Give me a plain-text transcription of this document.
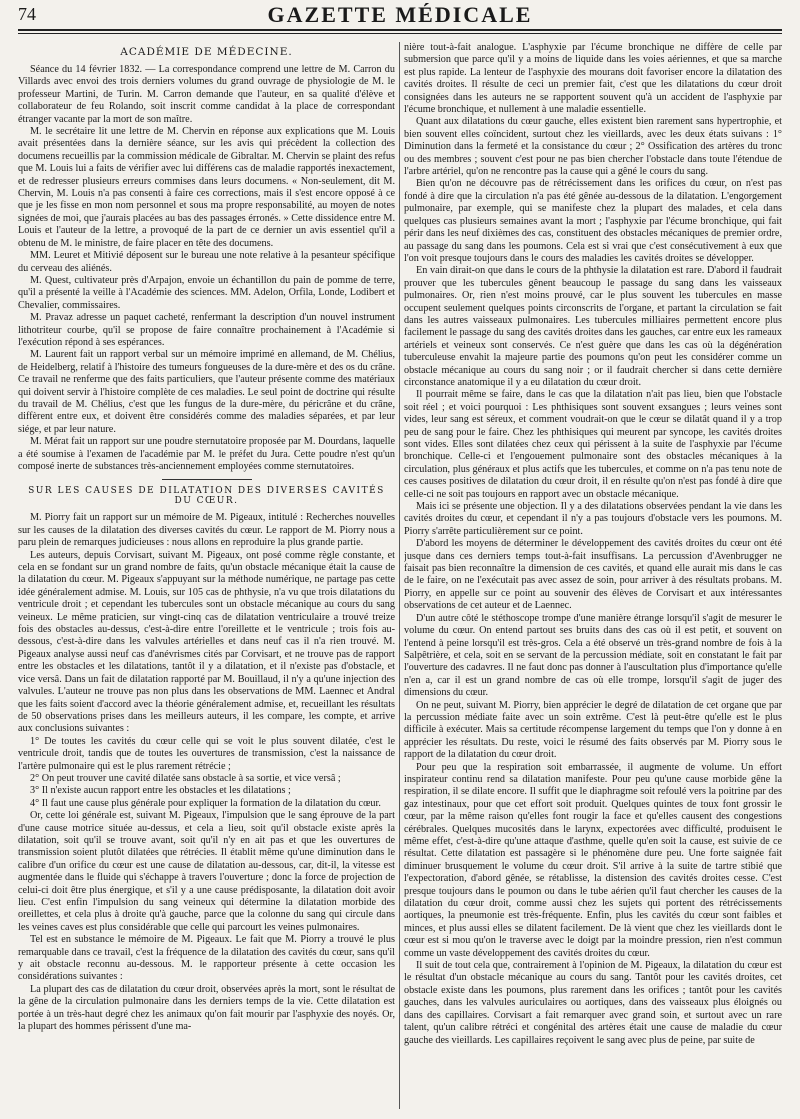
74	GAZETTE MÉDICALE
ACADÉMIE DE MÉDECINE.

Séance du 14 février 1832. — La correspondance comprend une lettre de M. Carron du Villards avec envoi des trois derniers volumes du grand ouvrage de physiologie de M. le professeur Martini, de Turin. M. Carron demande que l'auteur, en sa qualité d'élève et collaborateur de feu Rolando, soit inscrit comme candidat à la place de correspondant étranger vacante par la mort de son maître.

M. le secrétaire lit une lettre de M. Chervin en réponse aux explications que M. Louis avait présentées dans la dernière séance, sur les avis qui précèdent la collection des documens recueillis par la commission médicale de Gibraltar. M. Chervin se plaint des refus que M. Louis lui a faits de vérifier avec lui différens cas de maladie rapportés inexactement, et de redresser plusieurs erreurs commises dans leurs documens. « Non-seulement, dit M. Chervin, M. Louis n'a pas consenti à faire ces corrections, mais il s'est encore opposé à ce que je les fisse en mon nom personnel et sous ma propre responsabilité, au moyen de notes signées de moi, que j'aurais placées au bas des passages érronés. » Cette dissidence entre M. Louis et l'auteur de la lettre, a provoqué de la part de ce dernier un avis essentiel qu'il a obtenu de M. le ministre, de faire placer en tête des documens.

MM. Leuret et Mitivié déposent sur le bureau une note relative à la pesanteur spécifique du cerveau des aliénés.

M. Quest, cultivateur près d'Arpajon, envoie un échantillon du pain de pomme de terre, qu'il a présenté la veille à l'Académie des sciences. MM. Adelon, Orfila, Londe, Lodibert et Chevalier, commissaires.

M. Pravaz adresse un paquet cacheté, renfermant la description d'un nouvel instrument lithotriteur courbe, qu'il se propose de faire connaître prochainement à l'Académie si l'exécution répond à ses espérances.

M. Laurent fait un rapport verbal sur un mémoire imprimé en allemand, de M. Chélius, de Heidelberg, relatif à l'histoire des tumeurs fongueuses de la dure-mère et des os du crâne. Ce travail ne renferme que des faits particuliers, que l'auteur présente comme des matériaux qui doivent servir à l'histoire complète de ces maladies. Le seul point de doctrine qui résulte du travail de M. Chélius, c'est que les fungus de la dure-mère, du péricrâne et du crâne, diffèrent entre eux, et doivent être considérés comme des maladies séparées, et par leur siége, et par leur nature.

M. Mérat fait un rapport sur une poudre sternutatoire proposée par M. Dourdans, laquelle a été soumise à l'examen de l'académie par M. le préfet du Jura. Cette poudre n'est qu'un composé inerte de substances très-anciennement employées comme sternutatoires.

SUR LES CAUSES DE DILATATION DES DIVERSES CAVITÉS DU CŒUR.

M. Piorry fait un rapport sur un mémoire de M. Pigeaux, intitulé : Recherches nouvelles sur les causes de la dilatation des diverses cavités du cœur. Le rapport de M. Piorry nous a paru plein de remarques judicieuses : nous allons en reproduire la plus grande partie.

Les auteurs, depuis Corvisart, suivant M. Pigeaux, ont posé comme règle constante, et cela en se fondant sur un grand nombre de faits, qu'un obstacle mécanique était la cause de la dilatation du cœur. M. Pigeaux s'appuyant sur la méthode numérique, ne partage pas cette idée généralement admise. M. Louis, sur 105 cas de phthysie, n'a vu que trois dilatations du ventricule droit ; et cependant les tubercules sont un obstacle mécanique au cours du sang veineux. Le même praticien, sur vingt-cinq cas de dilatation ventriculaire a trouvé treize fois des obstacles au-dessus, c'est-à-dire entre l'oreillette et le ventricule ; trois fois au-dessous, c'est-à-dire dans les valvules artérielles et dans neuf cas il n'a rien trouvé. M. Pigeaux analyse aussi neuf cas d'anévrismes cités par Corvisart, et ne trouve pas de rapport entre les obstacles et les dilatations, tantôt il y a dilatation, et il n'existe pas d'obstacle, et vice versâ. Dans un fait de dilatation rapporté par M. Bouillaud, il n'y a qu'une injection des valvules. L'auteur ne trouve pas non plus dans les observations de MM. Laennec et Andral que les faits soient d'accord avec la théorie généralement admise, et, recueillant les résultats de 50 observations prises dans les meilleurs auteurs, il les compare, les compte, et arrive aux conclusions suivantes :

1° De toutes les cavités du cœur celle qui se voit le plus souvent dilatée, c'est le ventricule droit, tandis que de toutes les ouvertures de transmission, c'est la naissance de l'artère pulmonaire qui est le plus rarement rétrécie ;

2° On peut trouver une cavité dilatée sans obstacle à sa sortie, et vice versâ ;

3° Il n'existe aucun rapport entre les obstacles et les dilatations ;

4° Il faut une cause plus générale pour expliquer la formation de la dilatation du cœur.

Or, cette loi générale est, suivant M. Pigeaux, l'impulsion que le sang éprouve de la part d'une cause motrice située au-dessus, et cela a lieu, soit qu'il obstacle existe après la dilatation, soit qu'il se trouve avant, soit qu'il n'y en ait pas et que les ouvertures de transmission soient plutôt dilatées que rétrécies. Il établit même qu'une diminution dans le calibre d'un orifice du cœur est une cause de dilatation au-dessous, car, dit-il, la vitesse est augmentée dans le fluide qui s'échappe à travers l'ouverture ; donc la force de projection de celui-ci doit être plus énergique, et s'il y a une cause prédisposante, la dilatation doit avoir lieu. C'est enfin l'impulsion du sang veineux qui détermine la dilatation morbide des oreillettes, et cela plus à droite qu'à gauche, parce que la colonne du sang qui circule dans les veines caves est plus considérable que celle qui parcourt les veines pulmonaires.

Tel est en substance le mémoire de M. Pigeaux. Le fait que M. Piorry a trouvé le plus remarquable dans ce travail, c'est la fréquence de la dilatation des cavités du cœur, sans qu'il y ait obstacle reconnu au-dessous. M. le rapporteur présente à cette occasion les considérations suivantes :

La plupart des cas de dilatation du cœur droit, observées après la mort, sont le résultat de la gêne de la circulation pulmonaire dans les derniers temps de la vie. Cette dilatation est portée à un très-haut degré chez les animaux qu'on fait mourir par l'asphyxie des noyés. Or, la plupart des hommes périssent d'une ma-

nière tout-à-fait analogue. L'asphyxie par l'écume bronchique ne diffère de celle par submersion que parce qu'il y a moins de liquide dans les voies aériennes, et que sa marche est plus rapide. La lenteur de l'asphyxie des mourans doit favoriser encore la dilatation des cavités droites. Il résulte de ceci un premier fait, c'est que les dilatations du cœur droit consignées dans les auteurs ne se rapportent souvent qu'à un accident de l'asphyxie par l'écume bronchique, et nullement à une maladie essentielle.

Quant aux dilatations du cœur gauche, elles existent bien rarement sans hypertrophie, et bien souvent elles coïncident, surtout chez les vieillards, avec les deux états suivans : 1° Diminution dans la fermeté et la consistance du cœur ; 2° Ossification des artères du tronc ou des membres ; souvent c'est pour ne pas bien chercher l'obstacle dans toute l'étendue de l'arbre artériel, qu'on ne rencontre pas la cause qui a gêné le cours du sang.

Bien qu'on ne découvre pas de rétrécissement dans les orifices du cœur, on n'est pas fondé à dire que la circulation n'a pas été gênée au-dessous de la dilatation. L'engorgement pulmonaire, par exemple, qui se manifeste chez la plupart des malades, et cela dans quelques cas plusieurs semaines avant la mort ; l'asphyxie par l'écume bronchique, qui fait périr dans les neuf dixièmes des cas, constituent des obstacles mécaniques de premier ordre, au passage du sang dans les poumons. Cela est si vrai que c'est consécutivement à eux que l'on voit presque toujours dans le cours des maladies les cavités droites se développer.

En vain dirait-on que dans le cours de la phthysie la dilatation est rare. D'abord il faudrait prouver que les tubercules gênent beaucoup le passage du sang dans les vaisseaux pulmonaires. Or, rien n'est moins prouvé, car le plus souvent les tubercules en masse occupent seulement quelques points circonscrits de l'organe, et partant la circulation se fait dans les autres vaisseaux pulmonaires. Les tubercules milliaires permettent encore plus facilement le passage du sang des cavités droites dans les gauches, car entre eux les rameaux artériels et veineux sont conservés. Ce n'est guère que dans les cas où la dégénération tuberculeuse envahit la majeure partie des poumons qu'on peut les considérer comme un obstacle mécanique au cours du sang noir ; or il faudrait chercher si dans cette dernière circonstance anatomique il y a eu dilatation du cœur droit.

Il pourrait même se faire, dans le cas que la dilatation n'ait pas lieu, bien que l'obstacle soit réel ; et voici pourquoi : Les phthisiques sont souvent exsangues ; leurs veines sont vides, leur sang est séreux, et comment voudrait-on que le cœur se dilatât quand il y a trop peu de sang pour le faire. Chez les phthisiques qui meurent par syncope, les cavités droites sont vides. Elles sont dilatées chez ceux qui périssent à la suite de l'asphyxie par l'écume bronchique. Celle-ci et l'engouement pulmonaire sont des obstacles mécaniques à la circulation, plus généraux et plus actifs que les tubercules, et comme on n'a pas tenu note de ces causes positives de dilatation du cœur droit, il en résulte qu'on n'est pas fondé à dire que celle-ci ne soit pas toujours en rapport avec un obstacle mécanique.

Mais ici se présente une objection. Il y a des dilatations observées pendant la vie dans les cavités droites du cœur, et cependant il n'y a pas toujours d'obstacle vers les poumons. M. Piorry s'arrête particulièrement sur ce point.

D'abord les moyens de déterminer le développement des cavités droites du cœur ont été jusque dans ces derniers temps tout-à-fait insuffisans. La percussion d'Avenbrugger ne faisait pas bien reconnaître la dimension de ces cavités, et quand elle aurait mis dans le cas de le faire, on ne l'exécutait pas avec assez de soin, pour arriver à des résultats probans. M. Piorry, en appelle sur ce point au souvenir des élèves de Corvisart et aux intéressantes observations de cet auteur et de Laennec.

D'un autre côté le stéthoscope trompe d'une manière étrange lorsqu'il s'agit de mesurer le volume du cœur. On entend partout ses bruits dans des cas où il est petit, et souvent on l'entend à peine lorsqu'il est très-gros. Cela a été observé un très-grand nombre de fois à la Salpêtrière, et cela, soit en se servant de la percussion médiate, soit en constatant le fait par l'ouverture des cadavres. Il ne faut donc pas donner à l'auscultation plus d'importance qu'elle n'en a, car il est un grand nombre de cas où elle trompe, lorsqu'il s'agit de juger des dimensions du cœur.

On ne peut, suivant M. Piorry, bien apprécier le degré de dilatation de cet organe que par la percussion médiate faite avec un soin extrême. C'est là peut-être qu'elle est le plus difficile à exécuter. Mais sa certitude récompense largement du temps que l'on y donne à en apprécier les résultats. Du reste, voici le résumé des faits observés par M. Piorry sous le rapport de la dilatation du cœur droit.

Pour peu que la respiration soit embarrassée, il augmente de volume. Un effort inspirateur continu rend sa dilatation manifeste. Pour peu qu'une cause morbide gêne la respiration, il se dilate encore. Il suffit que le diaphragme soit refoulé vers la poitrine par des gaz intestinaux, pour que cet effort soit produit. Quelques quintes de toux font grossir le cœur, par la même raison qu'elles font rougir la face et qu'elles causent des congestions cérébrales. Quelques mucosités dans le larynx, expectorées avec difficulté, produisent le même effet, c'est-à-dire qu'une attaque d'asthme, quelle qu'en soit la cause, est suivie de ce résultat. Cette dilatation est passagère si le phénomène dure peu. Une forte saignée fait diminuer brusquement le volume du cœur droit. S'il arrive à la suite de tartre stibié que l'expectoration, d'abord gênée, se rétablisse, la distension des cavités droites cesse. C'est presque toujours dans le poumon ou dans le tube aérien qu'il faut chercher les causes de la dilatation du cœur droit, comme aussi chez les sujets qui portent des rétrécissements aortiques, la pneumonie est très-fréquente. Enfin, plus les cavités du cœur sont faibles et minces, et plus aussi elles se dilatent facilement. De là vient que chez les vieillards dont le cœur est si mou qu'on le traverse avec le doigt par la moindre pression, rien n'est commun comme un vaste développement des cavités droites du cœur.

Il suit de tout cela que, contrairement à l'opinion de M. Pigeaux, la dilatation du cœur est le résultat d'un obstacle mécanique au cours du sang. Tantôt pour les cavités droites, cet obstacle existe dans les poumons, plus rarement dans les orifices ; tantôt pour les cavités gauches, dans les valvules auriculaires ou aortiques, dans des vaisseaux plus éloignés ou dans des capillaires. Corvisart a fait remarquer avec grand soin, et surtout avec un rare talent, qu'un calibre rétréci et congénital des artères était une cause de maladie du cœur gauche des vieillards. Les capillaires reçoivent le sang avec plus de peine, par suite de
